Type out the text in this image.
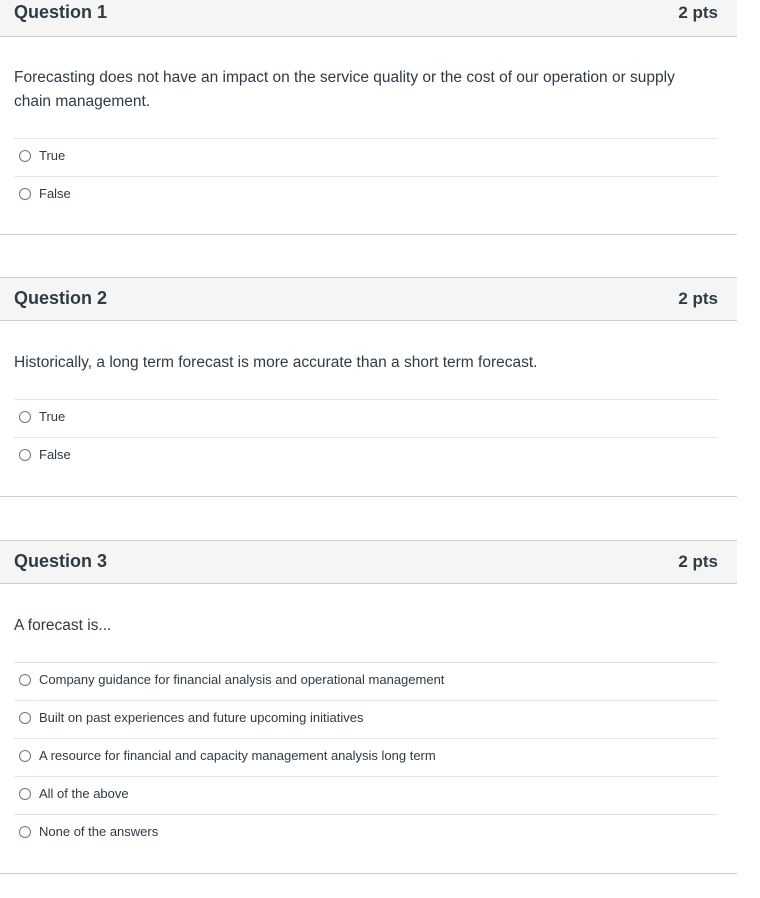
Question 1	2 pts
Forecasting does not have an impact on the service quality or the cost of our operation or supply chain management.
True
False
Question 2	2 pts
Historically, a long term forecast is more accurate than a short term forecast.
True
False
Question 3	2 pts
A forecast is...
Company guidance for financial analysis and operational management
Built on past experiences and future upcoming initiatives
A resource for financial and capacity management analysis long term
All of the above
None of the answers
